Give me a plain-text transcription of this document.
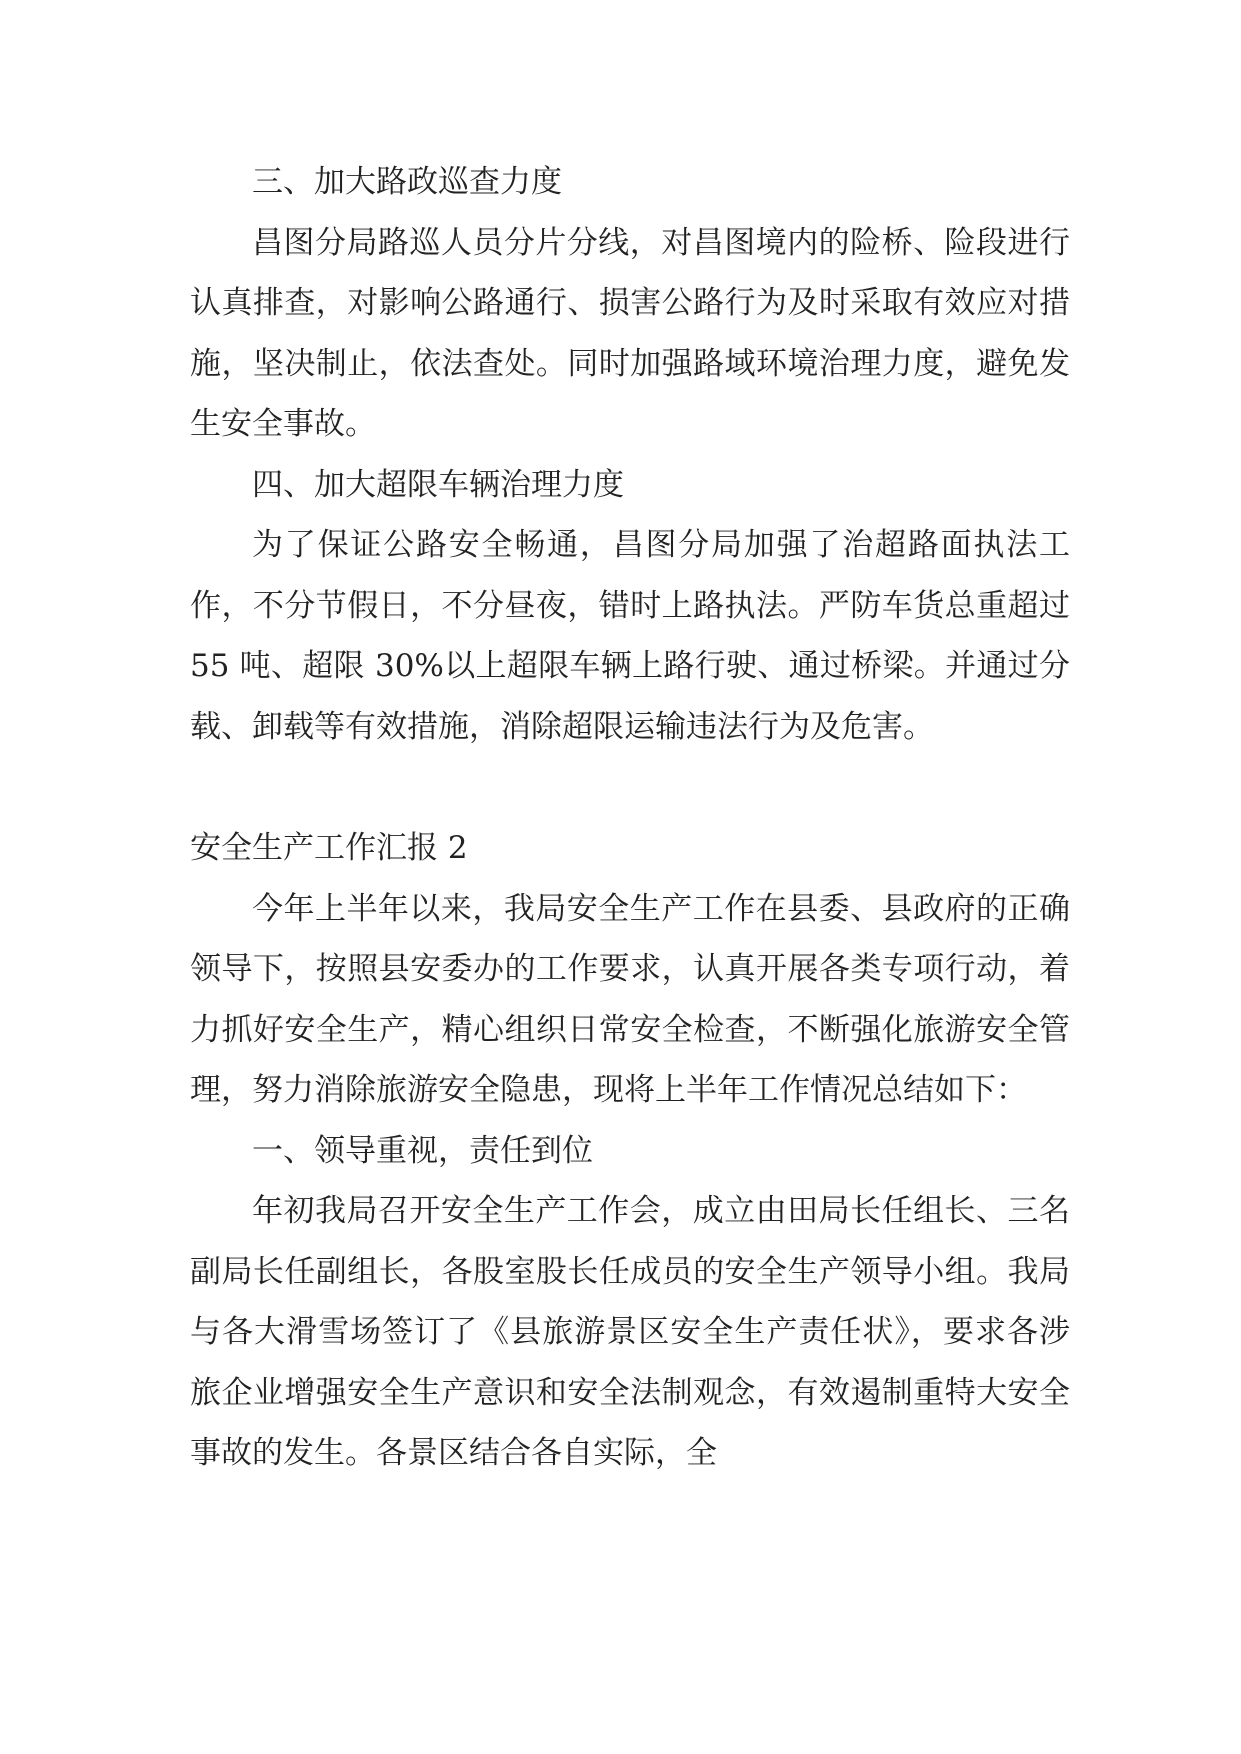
三、加大路政巡查力度

昌图分局路巡人员分片分线，对昌图境内的险桥、险段进行认真排查，对影响公路通行、损害公路行为及时采取有效应对措施，坚决制止，依法查处。同时加强路域环境治理力度，避免发生安全事故。

四、加大超限车辆治理力度

为了保证公路安全畅通，昌图分局加强了治超路面执法工作，不分节假日，不分昼夜，错时上路执法。严防车货总重超过 55 吨、超限 30%以上超限车辆上路行驶、通过桥梁。并通过分载、卸载等有效措施，消除超限运输违法行为及危害。

安全生产工作汇报 2

今年上半年以来，我局安全生产工作在县委、县政府的正确领导下，按照县安委办的工作要求，认真开展各类专项行动，着力抓好安全生产，精心组织日常安全检查，不断强化旅游安全管理，努力消除旅游安全隐患，现将上半年工作情况总结如下：

一、领导重视，责任到位

年初我局召开安全生产工作会，成立由田局长任组长、三名副局长任副组长，各股室股长任成员的安全生产领导小组。我局与各大滑雪场签订了《县旅游景区安全生产责任状》，要求各涉旅企业增强安全生产意识和安全法制观念，有效遏制重特大安全事故的发生。各景区结合各自实际，全
